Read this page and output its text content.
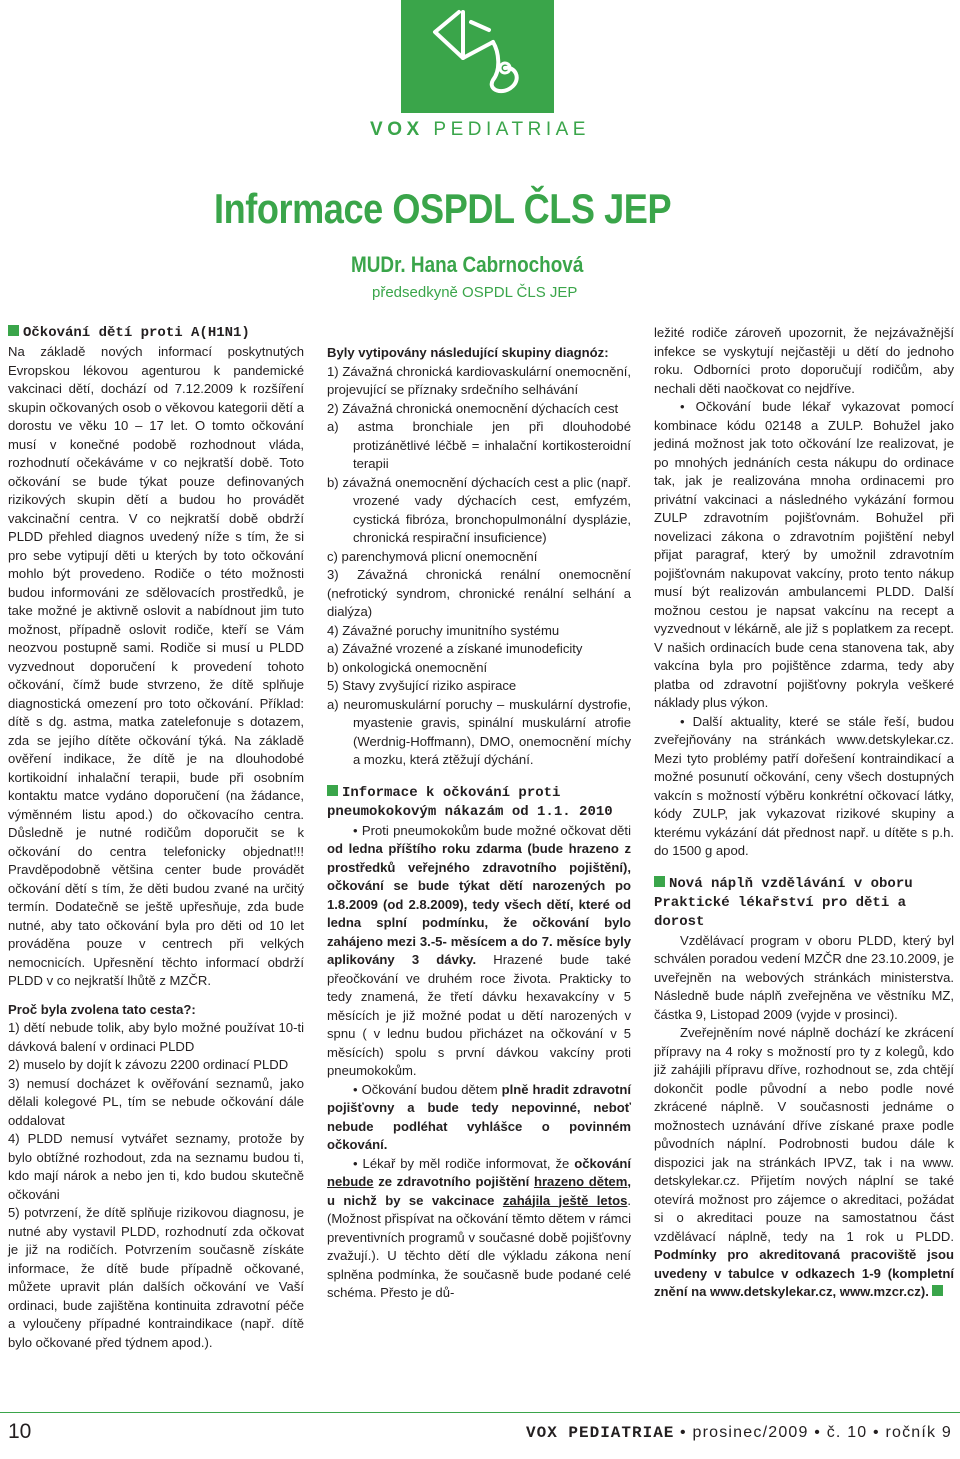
VOX PEDIATRIAE
Informace OSPDL ČLS JEP
MUDr. Hana Cabrnochová
předsedkyně OSPDL ČLS JEP

Očkování dětí proti A(H1N1)

Na základě nových informací poskytnutých Evropskou lékovou agenturou k pandemické vakcinaci dětí, dochází od 7.12.2009 k rozšíření skupin očkovaných osob o věkovou kategorii dětí a dorostu ve věku 10 – 17 let. O tomto očkování musí v konečné podobě rozhodnout vláda, rozhodnutí očekáváme v co nejkratší době. Toto očkování se bude týkat pouze definovaných rizikových skupin dětí a budou ho provádět vakcinační centra. V co nejkratší době obdrží PLDD přehled diagnos uvedený níže s tím, že si pro sebe vytipují děti u kterých by toto očkování mohlo být provedeno. Rodiče o této možnosti budou informováni ze sdělovacích prostředků, je take možné je aktivně oslovit a nabídnout jim tuto možnost, případně oslovit rodiče, kteří se Vám neozvou postupně sami. Rodiče si musí u PLDD vyzvednout doporučení k provedení tohoto očkování, čímž bude stvrzeno, že dítě splňuje diagnostická omezení pro toto očkování. Příklad: dítě s dg. astma, matka zatelefonuje s dotazem, zda se jejího dítěte očkování týká. Na základě ověření indikace, že dítě je na dlouhodobé kortikoidní inhalační terapii, bude při osobním kontaktu matce vydáno doporučení (na žádance, výměnném listu apod.) do očkovacího centra. Důsledně je nutné rodičům doporučit se k očkování do centra telefonicky objednat!!! Pravděpodobně většina center bude provádět očkování dětí s tím, že děti budou zvané na určitý termín. Dodatečně se ještě upřesňuje, zda bude nutné, aby tato očkování byla pro děti od 10 let prováděna pouze v centrech při velkých nemocnicích. Upřesnění těchto informací obdrží PLDD v co nejkratší lhůtě z MZČR.

Proč byla zvolena tato cesta?:

1) dětí nebude tolik, aby bylo možné používat 10-ti dávková balení v ordinaci PLDD

2) muselo by dojít k závozu 2200 ordinací PLDD

3) nemusí docházet k ověřování seznamů, jako dělali kolegové PL, tím se nebude očkování dále oddalovat

4) PLDD nemusí vytvářet seznamy, protože by bylo obtížné rozhodout, zda na seznamu budou ti, kdo mají nárok a nebo jen ti, kdo budou skutečně očkováni

5) potvrzení, že dítě splňuje rizikovou diagnosu, je nutné aby vystavil PLDD, rozhodnutí zda očkovat je již na rodičích. Potvrzením současně získáte informace, že dítě bude případně očkované, můžete upravit plán dalších očkování ve Vaší ordinaci, bude zajištěna kontinuita zdravotní péče a vyloučeny případné kontraindikace (např. dítě bylo očkované před týdnem apod.).

Byly vytipovány následující skupiny diagnóz:

1) Závažná chronická kardiovaskulární onemocnění, projevující se příznaky srdečního selhávání

2) Závažná chronická onemocnění dýchacích cest

a) astma bronchiale jen při dlouhodobé protizánětlivé léčbě = inhalační kortikosteroidní terapii

b) závažná onemocnění dýchacích cest a plic (např. vrozené vady dýchacích cest, emfyzém, cystická fibróza, bronchopulmonální dysplázie, chronická respirační insuficience)

c) parenchymová plicní onemocnění

3) Závažná chronická renální onemocnění (nefrotický syndrom, chronické renální selhání a dialýza)

4) Závažné poruchy imunitního systému

a) Závažné vrozené a získané imunodeficity

b) onkologická onemocnění

5) Stavy zvyšující riziko aspirace

a) neuromuskulární poruchy – muskulární dystrofie, myastenie gravis, spinální muskulární atrofie (Werdnig-Hoffmann), DMO, onemocnění míchy a mozku, která ztěžují dýchání.

Informace k očkování proti pneumokokovým nákazám od 1.1. 2010

• Proti pneumokokům bude možné očkovat děti od ledna příštího roku zdarma (bude hrazeno z prostředků veřejného zdravotního pojištění), očkování se bude týkat dětí narozených po 1.8.2009 (od 2.8.2009), tedy všech dětí, které od ledna splní podmínku, že očkování bylo zahájeno mezi 3.-5- měsícem a do 7. měsíce byly aplikovány 3 dávky. Hrazené bude také přeočkování ve druhém roce života. Prakticky to tedy znamená, že třetí dávku hexavakcíny v 5 měsících je již možné podat u dětí narozených v spnu ( v lednu budou přicházet na očkování v 5 měsících) spolu s první dávkou vakcíny proti pneumokokům.

• Očkování budou dětem plně hradit zdravotní pojišťovny a bude tedy nepovinné, neboť nebude podléhat vyhlášce o povinném očkování.

• Lékař by měl rodiče informovat, že očkování nebude ze zdravotního pojištění hrazeno dětem, u nichž by se vakcinace zahájila ještě letos. (Možnost přispívat na očkování těmto dětem v rámci preventivních programů v současné době pojišťovny zvažují.). U těchto dětí dle výkladu zákona není splněna podmínka, že současně bude podané celé schéma. Přesto je dů-

ležité rodiče zároveň upozornit, že nejzávažnější infekce se vyskytují nejčastěji u dětí do jednoho roku. Odborníci proto doporučují rodičům, aby nechali děti naočkovat co nejdříve.

• Očkování bude lékař vykazovat pomocí kombinace kódu 02148 a ZULP. Bohužel jako jediná možnost jak toto očkování lze realizovat, je po mnohých jednáních cesta nákupu do ordinace tak, jak je realizována mnoha ordinacemi pro privátní vakcinaci a následného vykázání formou ZULP zdravotním pojišťovnám. Bohužel při novelizaci zákona o zdravotním pojištění nebyl přijat paragraf, který by umožnil zdravotním pojišťovnám nakupovat vakcíny, proto tento nákup musí být realizován ambulancemi PLDD. Další možnou cestou je napsat vakcínu na recept a vyzvednout v lékárně, ale již s poplatkem za recept. V našich ordinacích bude cena stanovena tak, aby vakcína byla pro pojištěnce zdarma, tedy aby platba od zdravotní pojišťovny pokryla veškeré náklady plus výkon.

• Další aktuality, které se stále řeší, budou zveřejňovány na stránkách www.detskylekar.cz. Mezi tyto problémy patří dořešení kontraindikací a možné posunutí očkování, ceny všech dostupných vakcín s možností výběru konkrétní očkovací látky, kódy ZULP, jak vykazovat rizikové skupiny a kterému vykázání dát přednost např. u dítěte s p.h. do 1500 g apod.

Nová náplň vzdělávání v oboru Praktické lékařství pro děti a dorost

Vzdělávací program v oboru PLDD, který byl schválen poradou vedení MZČR dne 23.10.2009, je uveřejněn na webových stránkách ministerstva. Následně bude náplň zveřejněna ve věstníku MZ, částka 9, Listopad 2009 (vyjde v prosinci).

Zveřejněním nové náplně dochází ke zkrácení přípravy na 4 roky s možností pro ty z kolegů, kdo již zahájili přípravu dříve, rozhodnout se, zda chtějí dokončit podle původní a nebo podle nové zkrácené náplně. V současnosti jednáme o možnostech uznávání dříve získané praxe podle původních náplní. Podrobnosti budou dále k dispozici jak na stránkách IPVZ, tak i na www. detskylekar.cz. Přijetím nových náplní se také otevírá možnost pro zájemce o akreditaci, požádat si o akreditaci pouze na samostatnou část vzdělávací náplně, tedy na 1 rok u PLDD. Podmínky pro akreditovaná pracoviště jsou uvedeny v tabulce v odkazech 1-9 (kompletní znění na www.detskylekar.cz, www.mzcr.cz).

10	VOX PEDIATRIAE • prosinec/2009 • č. 10 • ročník 9
